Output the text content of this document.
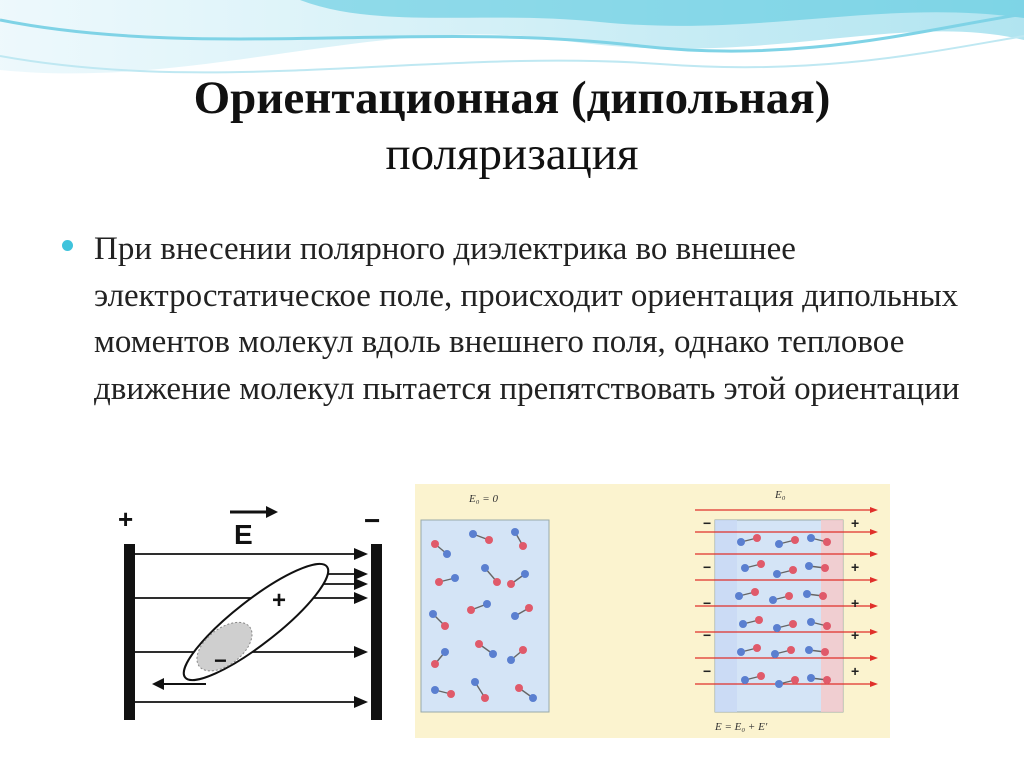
Ориентационная (дипольная)
поляризация
При внесении полярного диэлектрика во внешнее электростатическое поле, происходит ориентация дипольных моментов молекул вдоль внешнего поля, однако тепловое движение молекул пытается препятствовать этой ориентации
+	−
E
+
−
E₀ = 0	E₀
E = E₀ + E′
−
−
−
−
−
+
+
+
+
+
